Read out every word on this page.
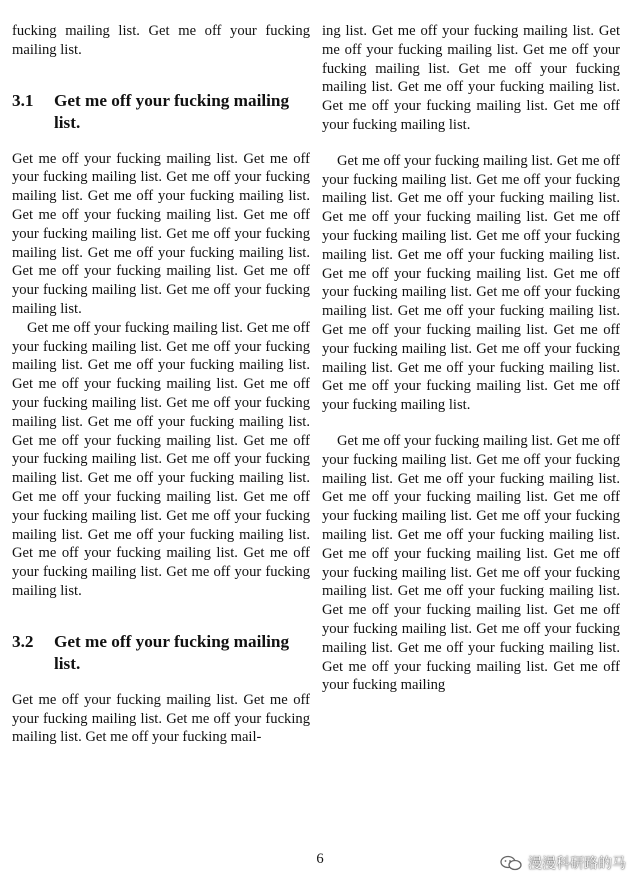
fucking mailing list. Get me off your fucking mailing list.

3.1	Get me off your fucking mailing list.

Get me off your fucking mailing list. Get me off your fucking mailing list. Get me off your fucking mailing list. Get me off your fucking mailing list. Get me off your fucking mailing list. Get me off your fucking mailing list. Get me off your fucking mailing list. Get me off your fucking mailing list. Get me off your fucking mailing list. Get me off your fucking mailing list. Get me off your fucking mailing list.

Get me off your fucking mailing list. Get me off your fucking mailing list. Get me off your fucking mailing list. Get me off your fucking mailing list. Get me off your fucking mailing list. Get me off your fucking mailing list. Get me off your fucking mailing list. Get me off your fucking mailing list. Get me off your fucking mailing list. Get me off your fucking mailing list. Get me off your fucking mailing list. Get me off your fucking mailing list. Get me off your fucking mailing list. Get me off your fucking mailing list. Get me off your fucking mailing list. Get me off your fucking mailing list. Get me off your fucking mailing list. Get me off your fucking mailing list. Get me off your fucking mailing list.

3.2	Get me off your fucking mailing list.

Get me off your fucking mailing list. Get me off your fucking mailing list. Get me off your fucking mailing list. Get me off your fucking mail-

ing list. Get me off your fucking mailing list. Get me off your fucking mailing list. Get me off your fucking mailing list. Get me off your fucking mailing list. Get me off your fucking mailing list. Get me off your fucking mailing list. Get me off your fucking mailing list.

Get me off your fucking mailing list. Get me off your fucking mailing list. Get me off your fucking mailing list. Get me off your fucking mailing list. Get me off your fucking mailing list. Get me off your fucking mailing list. Get me off your fucking mailing list. Get me off your fucking mailing list. Get me off your fucking mailing list. Get me off your fucking mailing list. Get me off your fucking mailing list. Get me off your fucking mailing list. Get me off your fucking mailing list. Get me off your fucking mailing list. Get me off your fucking mailing list. Get me off your fucking mailing list. Get me off your fucking mailing list. Get me off your fucking mailing list.

Get me off your fucking mailing list. Get me off your fucking mailing list. Get me off your fucking mailing list. Get me off your fucking mailing list. Get me off your fucking mailing list. Get me off your fucking mailing list. Get me off your fucking mailing list. Get me off your fucking mailing list. Get me off your fucking mailing list. Get me off your fucking mailing list. Get me off your fucking mailing list. Get me off your fucking mailing list. Get me off your fucking mailing list. Get me off your fucking mailing list. Get me off your fucking mailing list. Get me off your fucking mailing list. Get me off your fucking mailing list. Get me off your fucking mailing

6	漫漫科研路的马
